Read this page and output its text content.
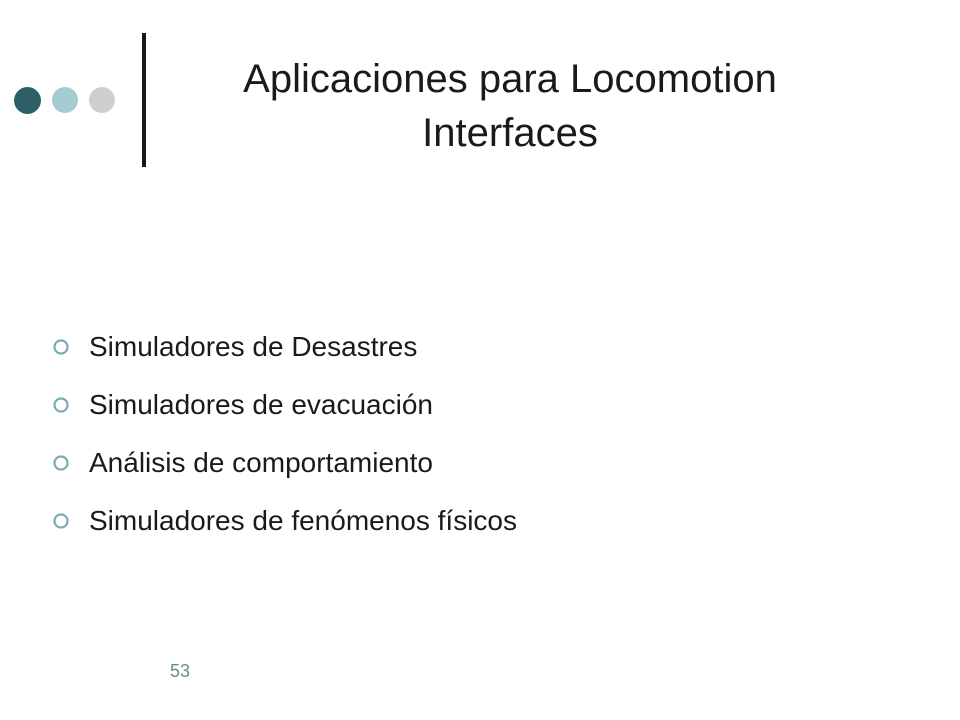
Aplicaciones para Locomotion
Interfaces
Simuladores de Desastres
Simuladores de evacuación
Análisis de comportamiento
Simuladores de fenómenos físicos
53
